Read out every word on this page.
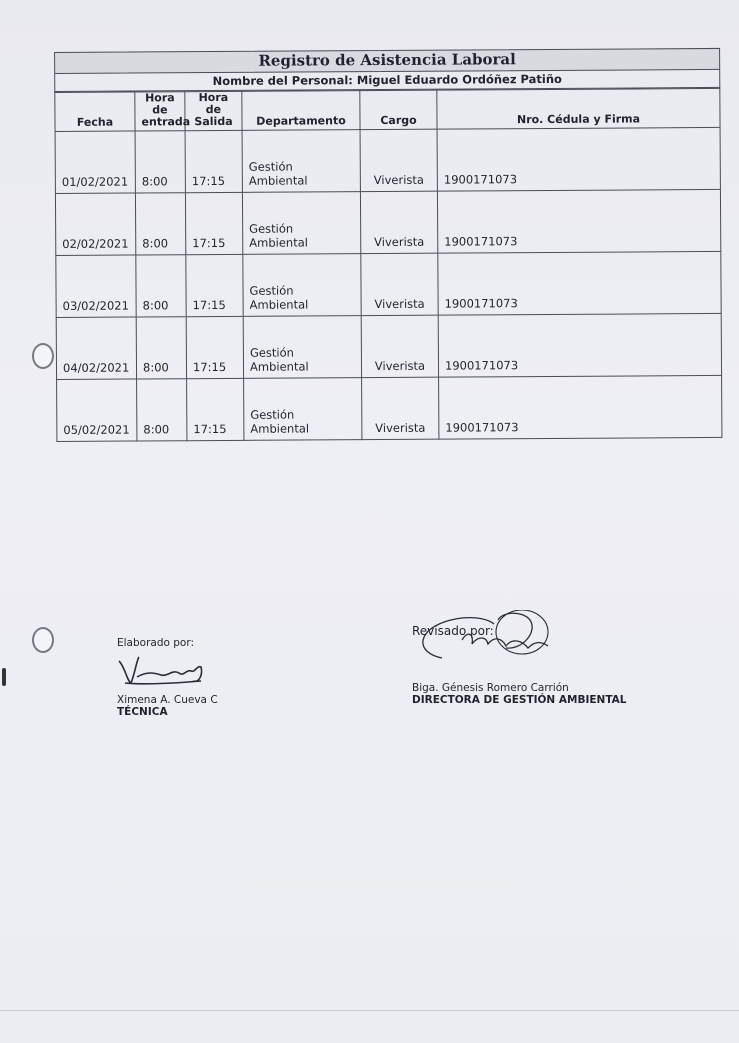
Registro de Asistencia Laboral
Nombre del Personal: Miguel Eduardo Ordóñez Patiño
Fecha	Hora de entrada	Hora de Salida	Departamento	Cargo	Nro. Cédula y Firma
01/02/2021	8:00	17:15	Gestión Ambiental	Viverista	1900171073
02/02/2021	8:00	17:15	Gestión Ambiental	Viverista	1900171073
03/02/2021	8:00	17:15	Gestión Ambiental	Viverista	1900171073
04/02/2021	8:00	17:15	Gestión Ambiental	Viverista	1900171073
05/02/2021	8:00	17:15	Gestión Ambiental	Viverista	1900171073
Elaborado por:
Ximena A. Cueva C
TÉCNICA
Revisado por:
Biga. Génesis Romero Carrión
DIRECTORA DE GESTIÓN AMBIENTAL
